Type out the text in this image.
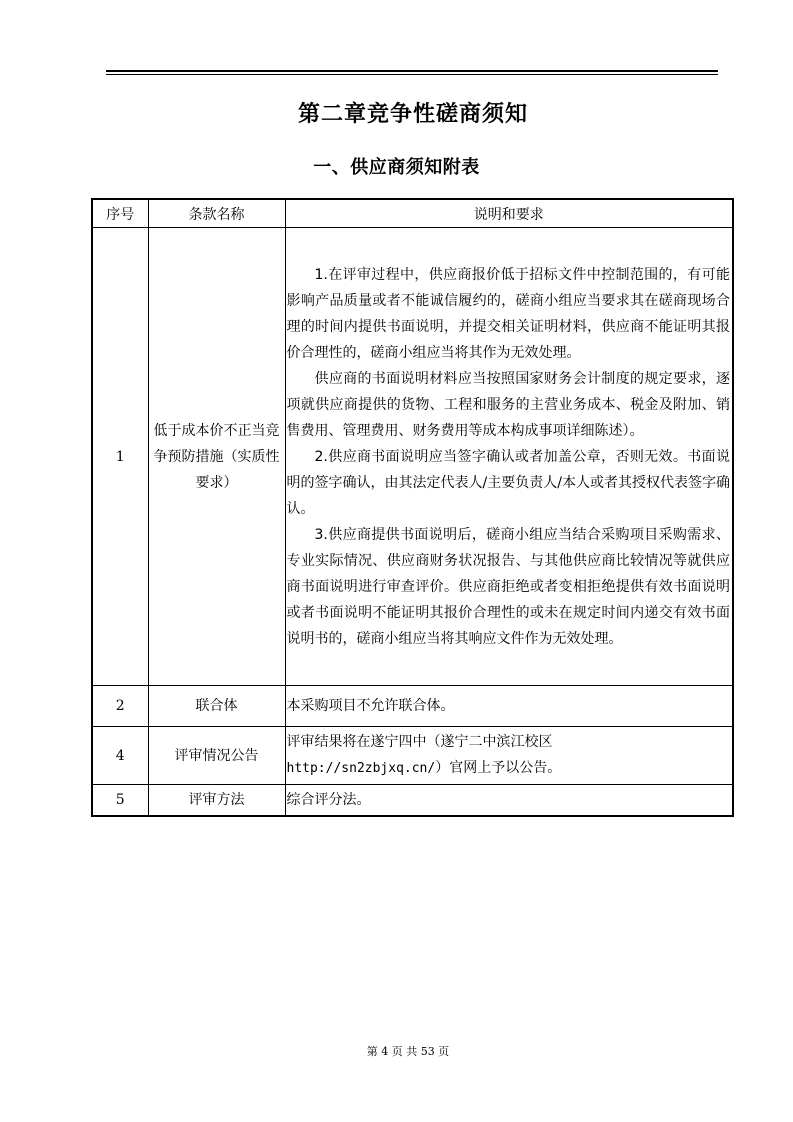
第二章竞争性磋商须知
一、供应商须知附表
序号	条款名称	说明和要求
1	低于成本价不正当竞争预防措施（实质性要求）	1.在评审过程中，供应商报价低于招标文件中控制范围的，有可能影响产品质量或者不能诚信履约的，磋商小组应当要求其在磋商现场合理的时间内提供书面说明，并提交相关证明材料，供应商不能证明其报价合理性的，磋商小组应当将其作为无效处理。

供应商的书面说明材料应当按照国家财务会计制度的规定要求，逐项就供应商提供的货物、工程和服务的主营业务成本、税金及附加、销售费用、管理费用、财务费用等成本构成事项详细陈述）。

2.供应商书面说明应当签字确认或者加盖公章，否则无效。书面说明的签字确认，由其法定代表人/主要负责人/本人或者其授权代表签字确认。

3.供应商提供书面说明后，磋商小组应当结合采购项目采购需求、专业实际情况、供应商财务状况报告、与其他供应商比较情况等就供应商书面说明进行审查评价。供应商拒绝或者变相拒绝提供有效书面说明或者书面说明不能证明其报价合理性的或未在规定时间内递交有效书面说明书的，磋商小组应当将其响应文件作为无效处理。

2	联合体	本采购项目不允许联合体。

4	评审情况公告	评审结果将在遂宁四中（遂宁二中滨江校区
http://sn2zbjxq.cn/）官网上予以公告。

5	评审方法	综合评分法。

第 4 页 共 53 页
